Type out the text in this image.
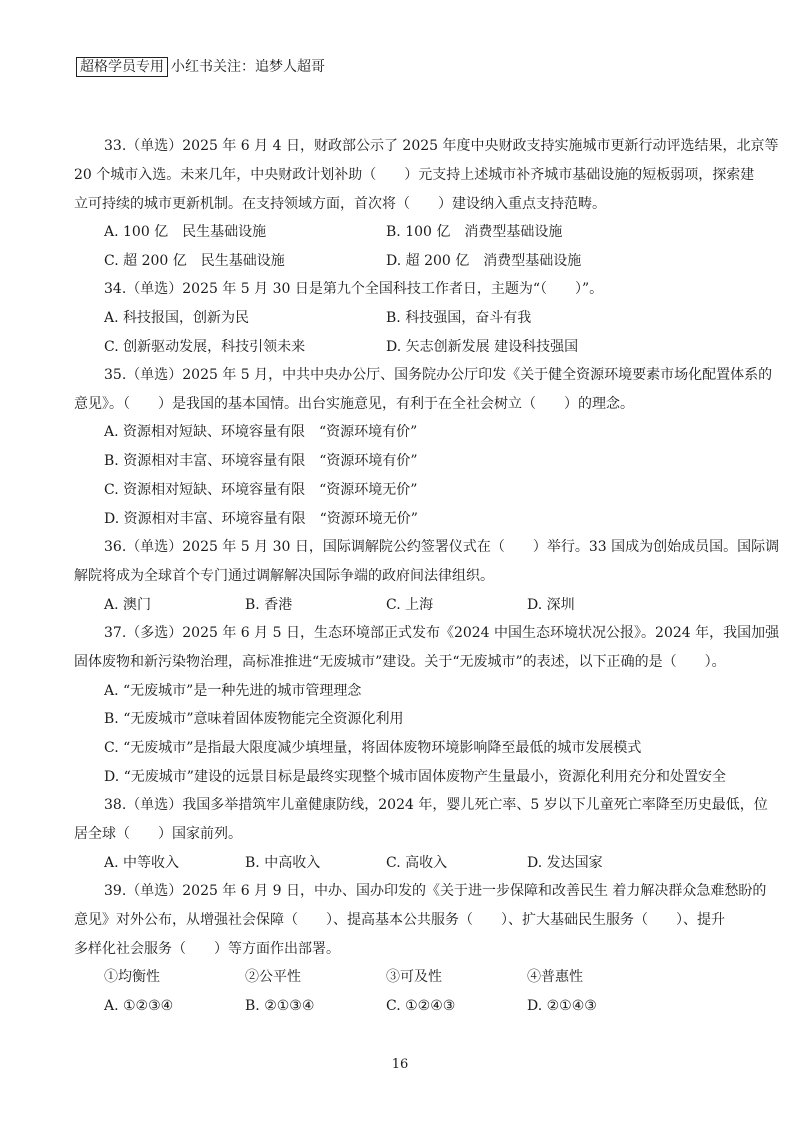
超格学员专用 小红书关注：追梦人超哥
33.（单选）2025 年 6 月 4 日，财政部公示了 2025 年度中央财政支持实施城市更新行动评选结果，北京等
20 个城市入选。未来几年，中央财政计划补助（　　）元支持上述城市补齐城市基础设施的短板弱项，探索建
立可持续的城市更新机制。在支持领域方面，首次将（　　）建设纳入重点支持范畴。
A. 100 亿　民生基础设施	B. 100 亿　消费型基础设施
C. 超 200 亿　民生基础设施	D. 超 200 亿　消费型基础设施
34.（单选）2025 年 5 月 30 日是第九个全国科技工作者日，主题为“（　　）”。
A. 科技报国，创新为民	B. 科技强国，奋斗有我
C. 创新驱动发展，科技引领未来	D. 矢志创新发展 建设科技强国
35.（单选）2025 年 5 月，中共中央办公厅、国务院办公厅印发《关于健全资源环境要素市场化配置体系的
意见》。（　　）是我国的基本国情。出台实施意见，有利于在全社会树立（　　）的理念。
A. 资源相对短缺、环境容量有限　“资源环境有价”
B. 资源相对丰富、环境容量有限　“资源环境有价”
C. 资源相对短缺、环境容量有限　“资源环境无价”
D. 资源相对丰富、环境容量有限　“资源环境无价”
36.（单选）2025 年 5 月 30 日，国际调解院公约签署仪式在（　　）举行。33 国成为创始成员国。国际调
解院将成为全球首个专门通过调解解决国际争端的政府间法律组织。
A. 澳门	B. 香港	C. 上海	D. 深圳
37.（多选）2025 年 6 月 5 日，生态环境部正式发布《2024 中国生态环境状况公报》。2024 年，我国加强
固体废物和新污染物治理，高标准推进“无废城市”建设。关于“无废城市”的表述，以下正确的是（　　）。
A. “无废城市”是一种先进的城市管理理念
B. “无废城市”意味着固体废物能完全资源化利用
C. “无废城市”是指最大限度减少填埋量，将固体废物环境影响降至最低的城市发展模式
D. “无废城市”建设的远景目标是最终实现整个城市固体废物产生量最小，资源化利用充分和处置安全
38.（单选）我国多举措筑牢儿童健康防线，2024 年，婴儿死亡率、5 岁以下儿童死亡率降至历史最低，位
居全球（　　）国家前列。
A. 中等收入	B. 中高收入	C. 高收入	D. 发达国家
39.（单选）2025 年 6 月 9 日，中办、国办印发的《关于进一步保障和改善民生 着力解决群众急难愁盼的
意见》对外公布，从增强社会保障（　　）、提高基本公共服务（　　）、扩大基础民生服务（　　）、提升
多样化社会服务（　　）等方面作出部署。
①均衡性	②公平性	③可及性	④普惠性
A. ①②③④	B. ②①③④	C. ①②④③	D. ②①④③
16
